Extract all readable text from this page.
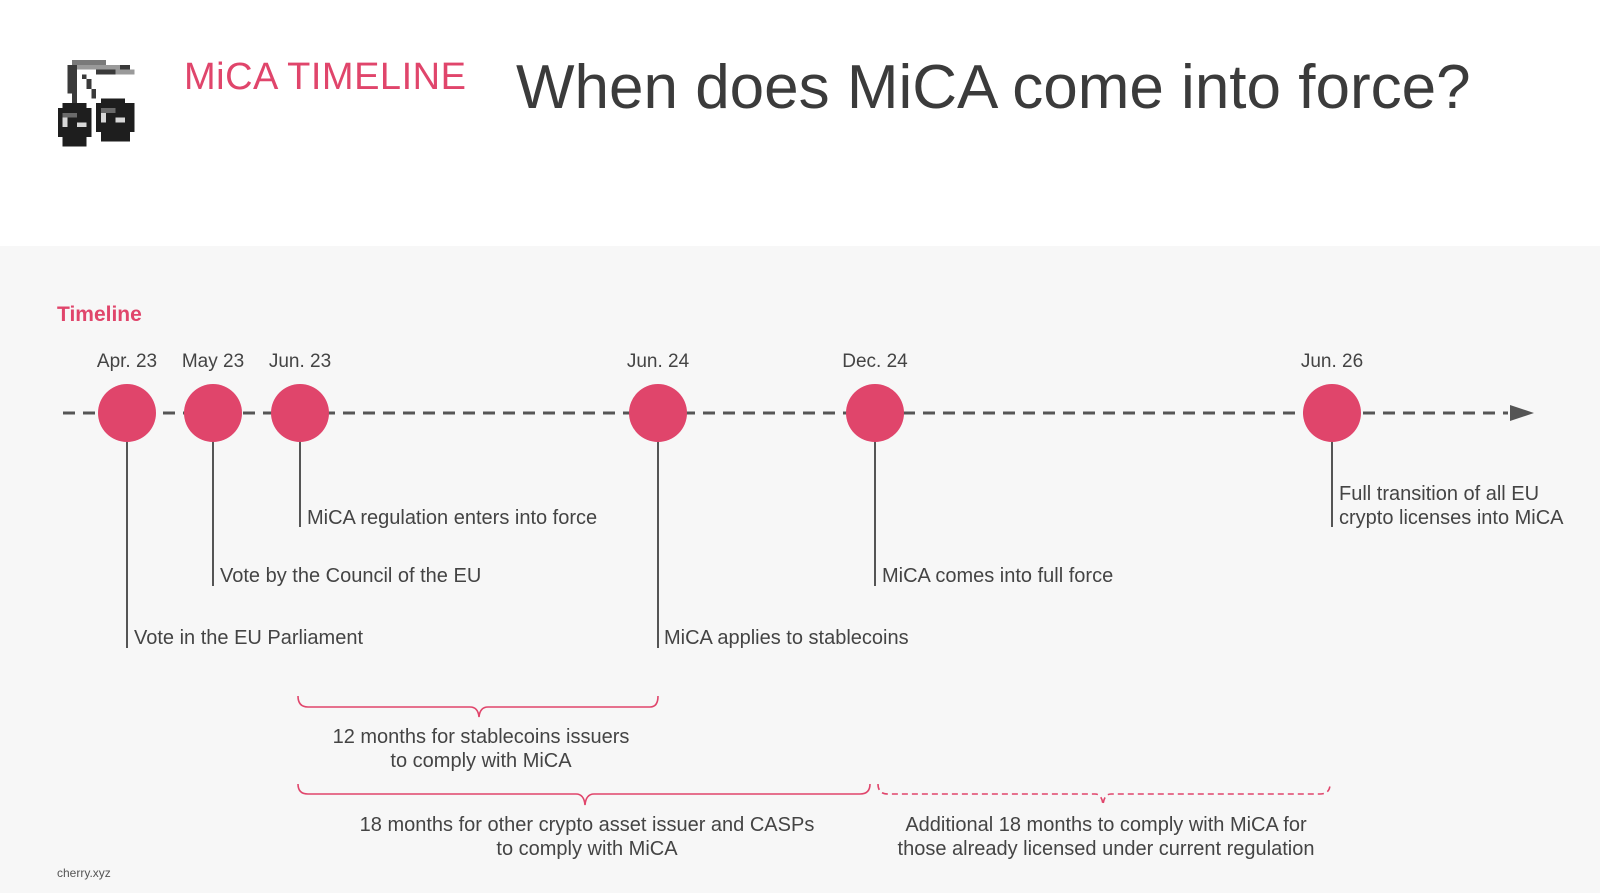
MiCA TIMELINE When does MiCA come into force?
Timeline
Apr. 23 May 23 Jun. 23	Jun. 24	Dec. 24	Jun. 26
Vote in the EU Parliament
Vote by the Council of the EU
MiCA regulation enters into force
MiCA applies to stablecoins
MiCA comes into full force
Full transition of all EU
crypto licenses into MiCA
12 months for stablecoins issuers
to comply with MiCA
18 months for other crypto asset issuer and CASPs
to comply with MiCA
Additional 18 months to comply with MiCA for
those already licensed under current regulation
cherry.xyz
